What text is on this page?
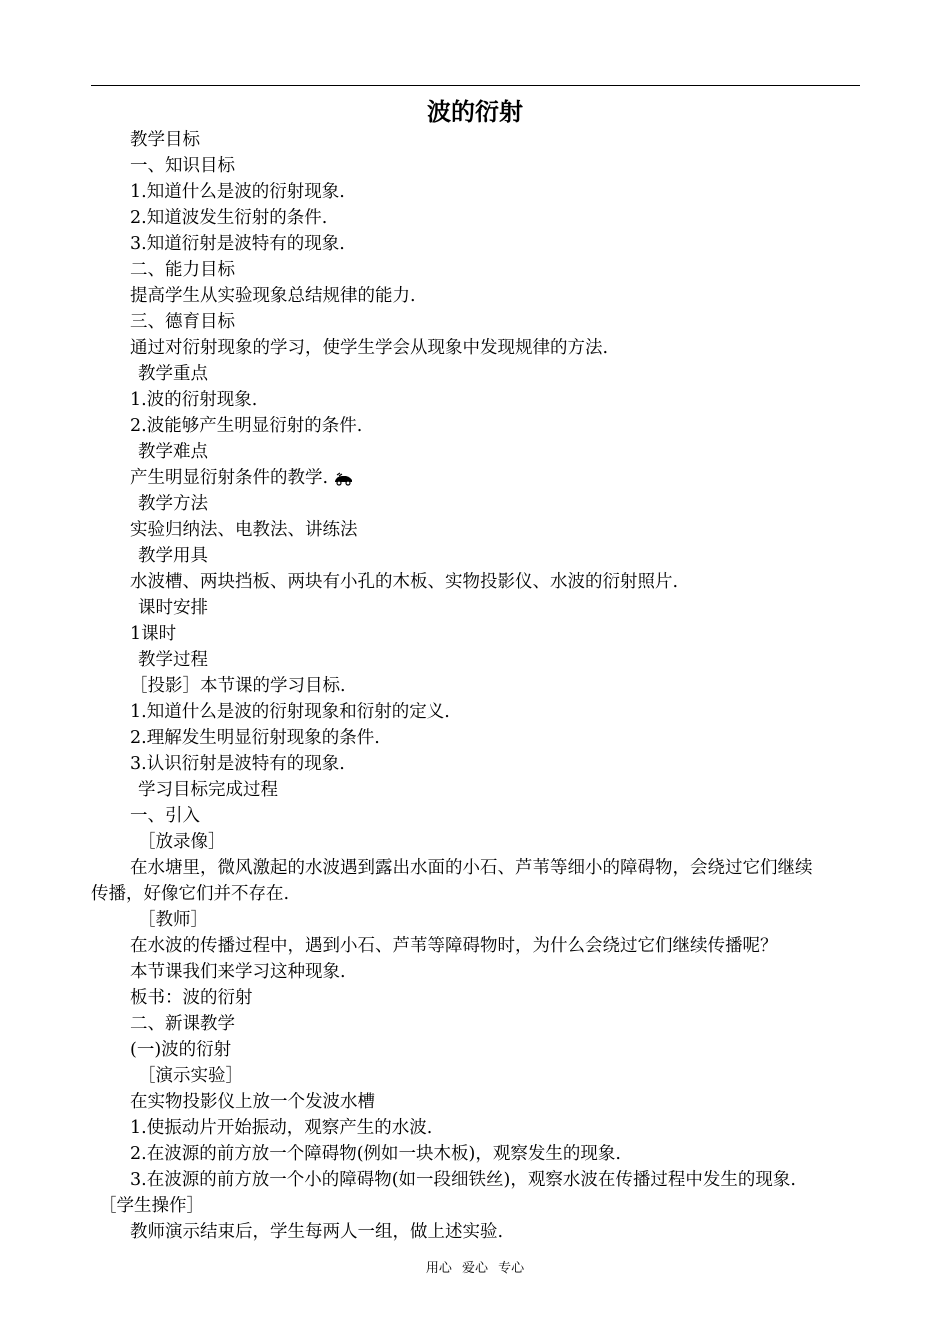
波的衍射
教学目标
一、知识目标
1.知道什么是波的衍射现象.
2.知道波发生衍射的条件.
3.知道衍射是波特有的现象.
二、能力目标
提高学生从实验现象总结规律的能力.
三、德育目标
通过对衍射现象的学习，使学生学会从现象中发现规律的方法.
教学重点
1.波的衍射现象.
2.波能够产生明显衍射的条件.
教学难点
产生明显衍射条件的教学.
教学方法
实验归纳法、电教法、讲练法
教学用具
水波槽、两块挡板、两块有小孔的木板、实物投影仪、水波的衍射照片.
课时安排
1课时
教学过程
［投影］本节课的学习目标.
1.知道什么是波的衍射现象和衍射的定义.
2.理解发生明显衍射现象的条件.
3.认识衍射是波特有的现象.
学习目标完成过程
一、引入
［放录像］
在水塘里，微风激起的水波遇到露出水面的小石、芦苇等细小的障碍物，会绕过它们继续
传播，好像它们并不存在.
［教师］
在水波的传播过程中，遇到小石、芦苇等障碍物时，为什么会绕过它们继续传播呢？
本节课我们来学习这种现象.
板书：波的衍射
二、新课教学
(一)波的衍射
［演示实验］
在实物投影仪上放一个发波水槽
1.使振动片开始振动，观察产生的水波.
2.在波源的前方放一个障碍物(例如一块木板)，观察发生的现象.
3.在波源的前方放一个小的障碍物(如一段细铁丝)，观察水波在传播过程中发生的现象.
［学生操作］
教师演示结束后，学生每两人一组，做上述实验.
用心 爱心 专心
